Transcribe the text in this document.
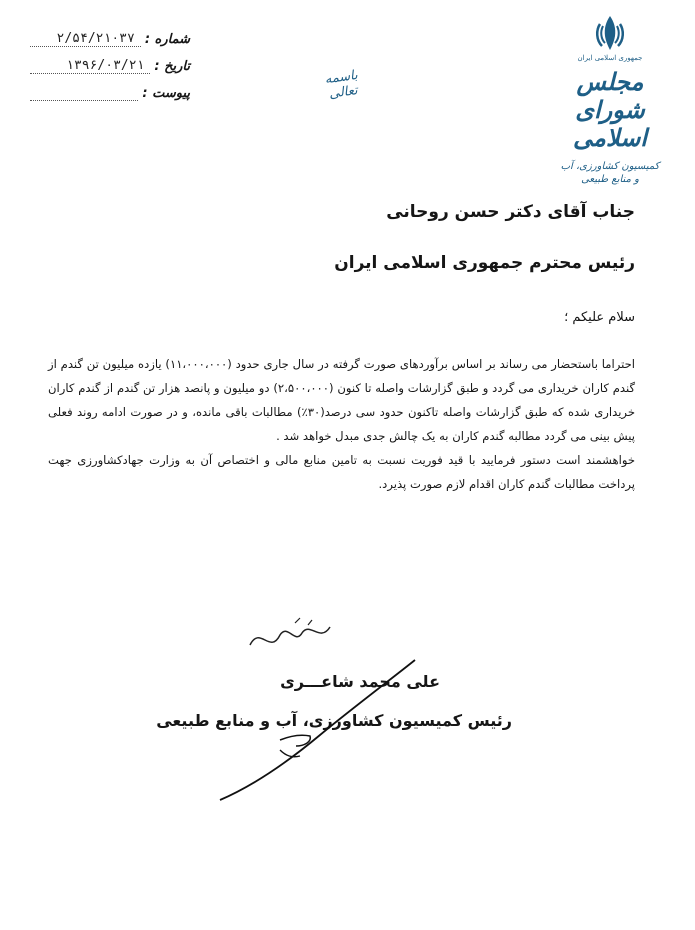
شماره :
۲/۵۴/۲۱۰۳۷
تاریخ :
۱۳۹۶/۰۳/۲۱
پیوست :
باسمه تعالی
جمهوری اسلامی ایران
مجلس شورای اسلامی
کمیسیون کشاورزی، آب
و منابع طبیعی
جناب آقای دکتر حسن روحانی
رئیس محترم جمهوری اسلامی ایران
سلام علیکم ؛

احتراما باستحضار می رساند بر اساس برآوردهای صورت گرفته در سال جاری حدود (۱۱،۰۰۰،۰۰۰) یازده میلیون تن گندم از گندم کاران خریداری می گردد و طبق گزارشات واصله تا کنون (۲،۵۰۰،۰۰۰) دو میلیون و پانصد هزار تن گندم از گندم کاران خریداری شده که طبق گزارشات واصله تاکنون حدود سی درصد(۳۰٪) مطالبات باقی مانده، و در صورت ادامه روند فعلی پیش بینی می گردد مطالبه گندم کاران به یک چالش جدی مبدل خواهد شد .

خواهشمند است دستور فرمایید با قید فوریت نسبت به تامین منابع مالی و اختصاص آن به وزارت جهادکشاورزی جهت پرداخت مطالبات گندم کاران اقدام لازم صورت پذیرد.

علی محمد شاعـــری
رئیس کمیسیون کشاورزی، آب و منابع طبیعی
